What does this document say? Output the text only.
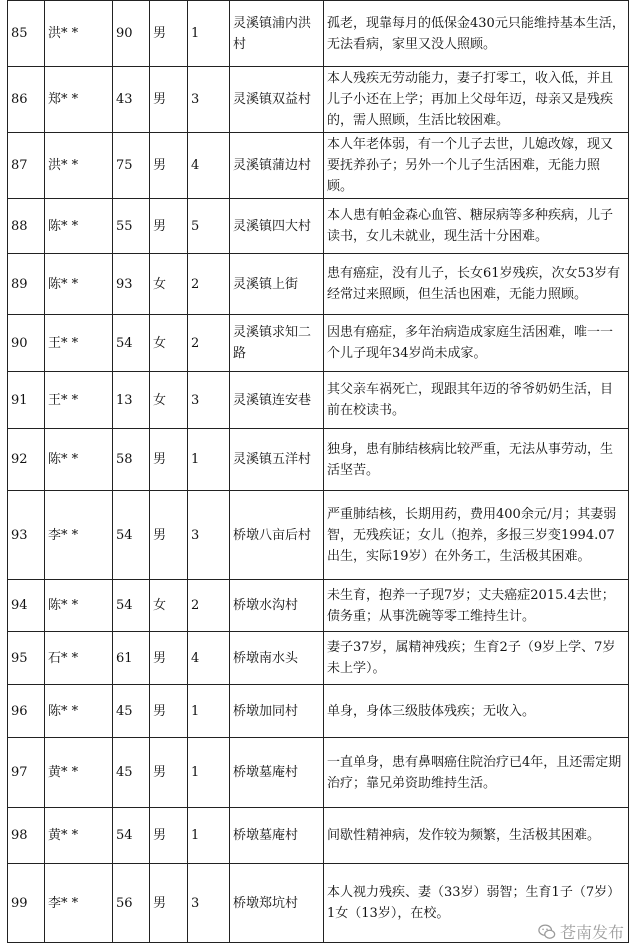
85	洪* *	90	男	1	灵溪镇浦内洪村	孤老，现靠每月的低保金430元只能维持基本生活，无法看病，家里又没人照顾。
86	郑* *	43	男	3	灵溪镇双益村	本人残疾无劳动能力，妻子打零工，收入低，并且儿子小还在上学；再加上父母年迈，母亲又是残疾的，需人照顾，生活比较困难。
87	洪* *	75	男	4	灵溪镇蒲边村	本人年老体弱，有一个儿子去世，儿媳改嫁，现又要抚养孙子；另外一个儿子生活困难，无能力照顾。
88	陈* *	55	男	5	灵溪镇四大村	本人患有帕金森心血管、糖尿病等多种疾病，儿子读书，女儿未就业，现生活十分困难。
89	陈* *	93	女	2	灵溪镇上街	患有癌症，没有儿子，长女61岁残疾，次女53岁有经常过来照顾，但生活也困难，无能力照顾。
90	王* *	54	女	2	灵溪镇求知二路	因患有癌症，多年治病造成家庭生活困难，唯一一个儿子现年34岁尚未成家。
91	王* *	13	女	3	灵溪镇连安巷	其父亲车祸死亡，现跟其年迈的爷爷奶奶生活，目前在校读书。
92	陈* *	58	男	1	灵溪镇五洋村	独身，患有肺结核病比较严重，无法从事劳动，生活坚苦。
93	李* *	54	男	3	桥墩八亩后村	严重肺结核，长期用药，费用400余元/月；其妻弱智，无残疾证；女儿（抱养，多报三岁变1994.07出生，实际19岁）在外务工，生活极其困难。
94	陈* *	54	女	2	桥墩水沟村	未生育，抱养一子现7岁；丈夫癌症2015.4去世；债务重；从事洗碗等零工维持生计。
95	石* *	61	男	4	桥墩南水头	妻子37岁，属精神残疾；生育2子（9岁上学、7岁未上学）。
96	陈* *	45	男	1	桥墩加同村	单身，身体三级肢体残疾；无收入。
97	黄* *	45	男	1	桥墩墓庵村	一直单身，患有鼻咽癌住院治疗已4年，且还需定期治疗；靠兄弟资助维持生活。
98	黄* *	54	男	1	桥墩墓庵村	间歇性精神病，发作较为频繁，生活极其困难。
99	李* *	56	男	3	桥墩郑坑村	本人视力残疾、妻（33岁）弱智；生育1子（7岁）1女（13岁），在校。
苍南发布
